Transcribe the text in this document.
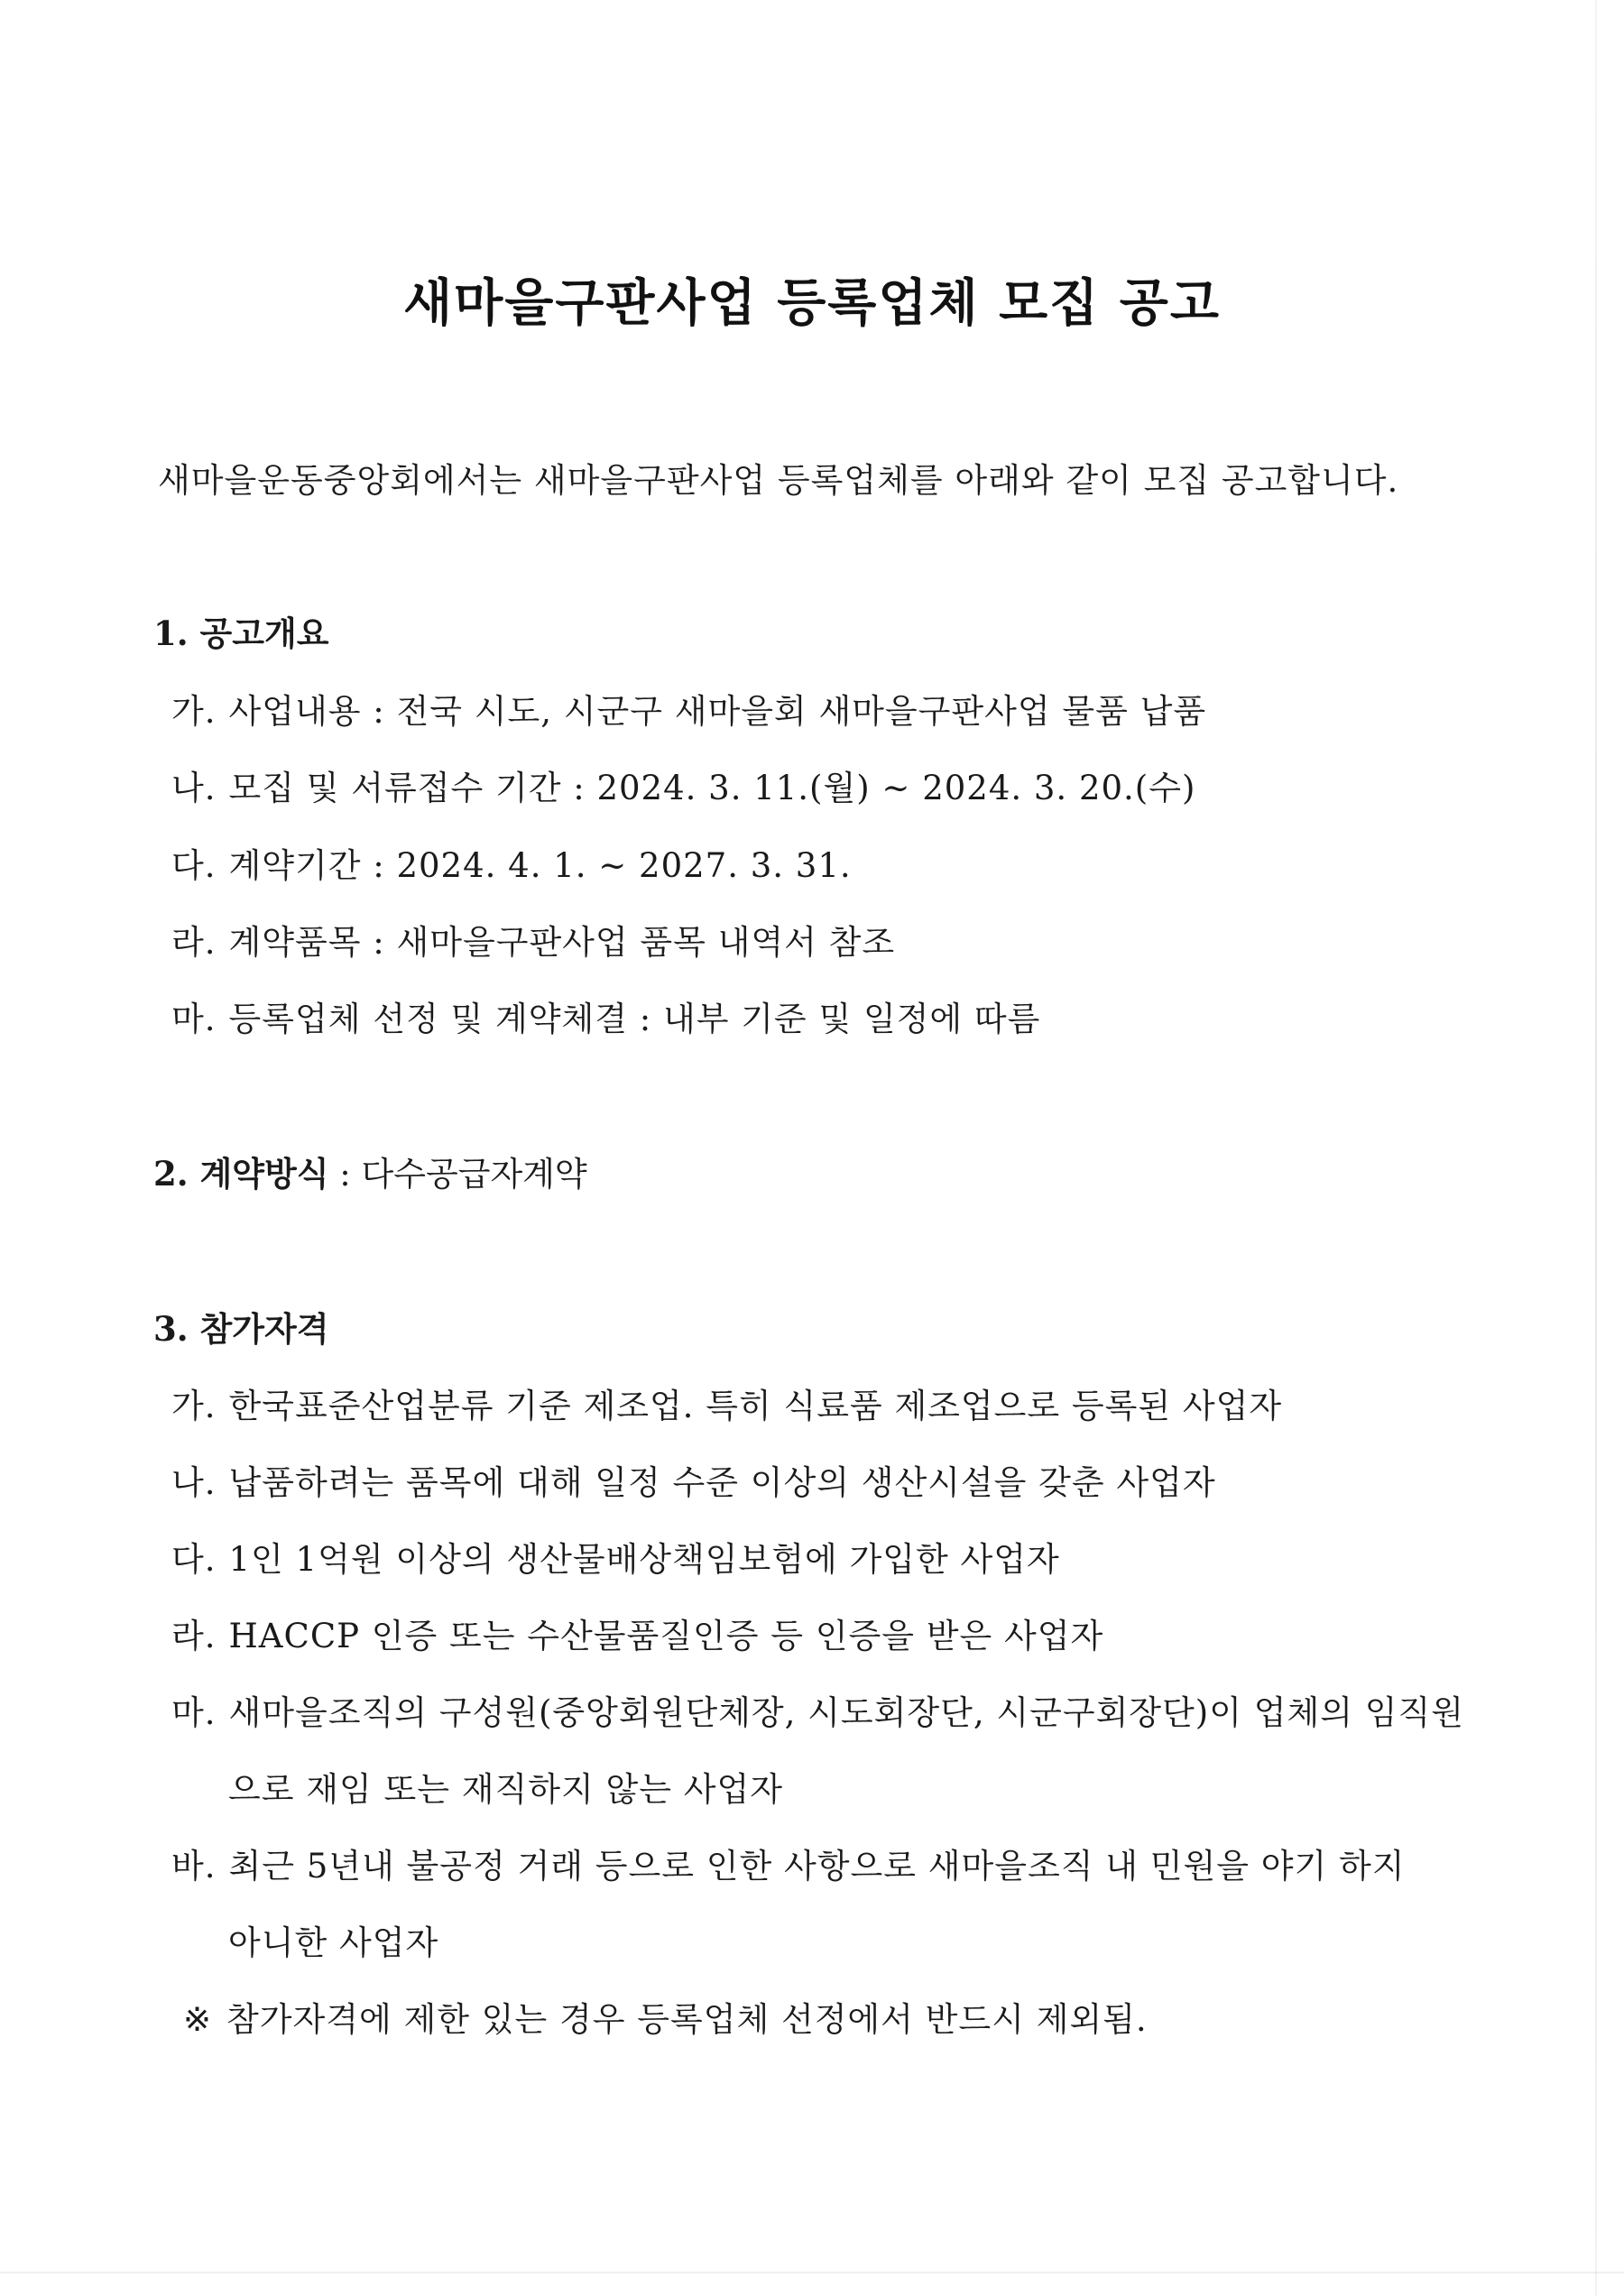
새마을구판사업 등록업체 모집 공고
새마을운동중앙회에서는 새마을구판사업 등록업체를 아래와 같이 모집 공고합니다.
1. 공고개요
가. 사업내용 : 전국 시도, 시군구 새마을회 새마을구판사업 물품 납품
나. 모집 및 서류접수 기간 : 2024. 3. 11.(월) ~ 2024. 3. 20.(수)
다. 계약기간 : 2024. 4. 1. ~ 2027. 3. 31.
라. 계약품목 : 새마을구판사업 품목 내역서 참조
마. 등록업체 선정 및 계약체결 : 내부 기준 및 일정에 따름
2. 계약방식 : 다수공급자계약
3. 참가자격
가. 한국표준산업분류 기준 제조업. 특히 식료품 제조업으로 등록된 사업자
나. 납품하려는 품목에 대해 일정 수준 이상의 생산시설을 갖춘 사업자
다. 1인 1억원 이상의 생산물배상책임보험에 가입한 사업자
라. HACCP 인증 또는 수산물품질인증 등 인증을 받은 사업자
마. 새마을조직의 구성원(중앙회원단체장, 시도회장단, 시군구회장단)이 업체의 임직원
으로 재임 또는 재직하지 않는 사업자
바. 최근 5년내 불공정 거래 등으로 인한 사항으로 새마을조직 내 민원을 야기 하지
아니한 사업자
※ 참가자격에 제한 있는 경우 등록업체 선정에서 반드시 제외됨.
